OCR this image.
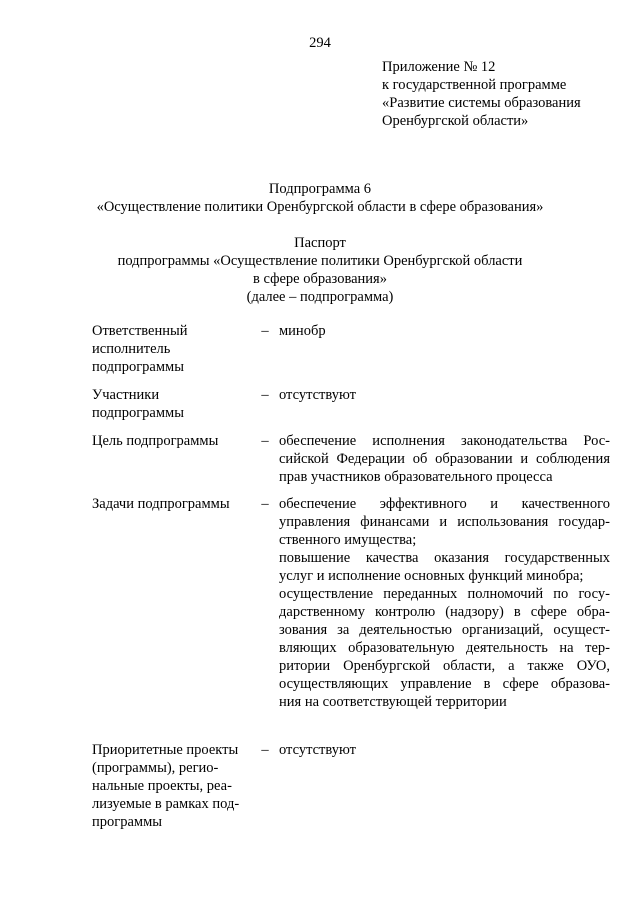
294
Приложение № 12
к государственной программе
«Развитие системы образования
Оренбургской области»
Подпрограмма 6
«Осуществление политики Оренбургской области в сфере образования»
Паспорт
подпрограммы «Осуществление политики Оренбургской области
в сфере образования»
(далее – подпрограмма)
Ответственный
исполнитель
подпрограммы
– минобр
Участники
подпрограммы
– отсутствуют
Цель подпрограммы	– обеспечение исполнения законодательства Рос-
сийской Федерации об образовании и соблюдения
прав участников образовательного процесса
Задачи подпрограммы	– обеспечение эффективного и качественного
управления финансами и использования государ-
ственного имущества;
повышение качества оказания государственных
услуг и исполнение основных функций минобра;
осуществление переданных полномочий по госу-
дарственному контролю (надзору) в сфере обра-
зования за деятельностью организаций, осущест-
вляющих образовательную деятельность на тер-
ритории Оренбургской области, а также ОУО,
осуществляющих управление в сфере образова-
ния на соответствующей территории
Приоритетные проекты
(программы), регио-
нальные проекты, реа-
лизуемые в рамках под-
программы
– отсутствуют
